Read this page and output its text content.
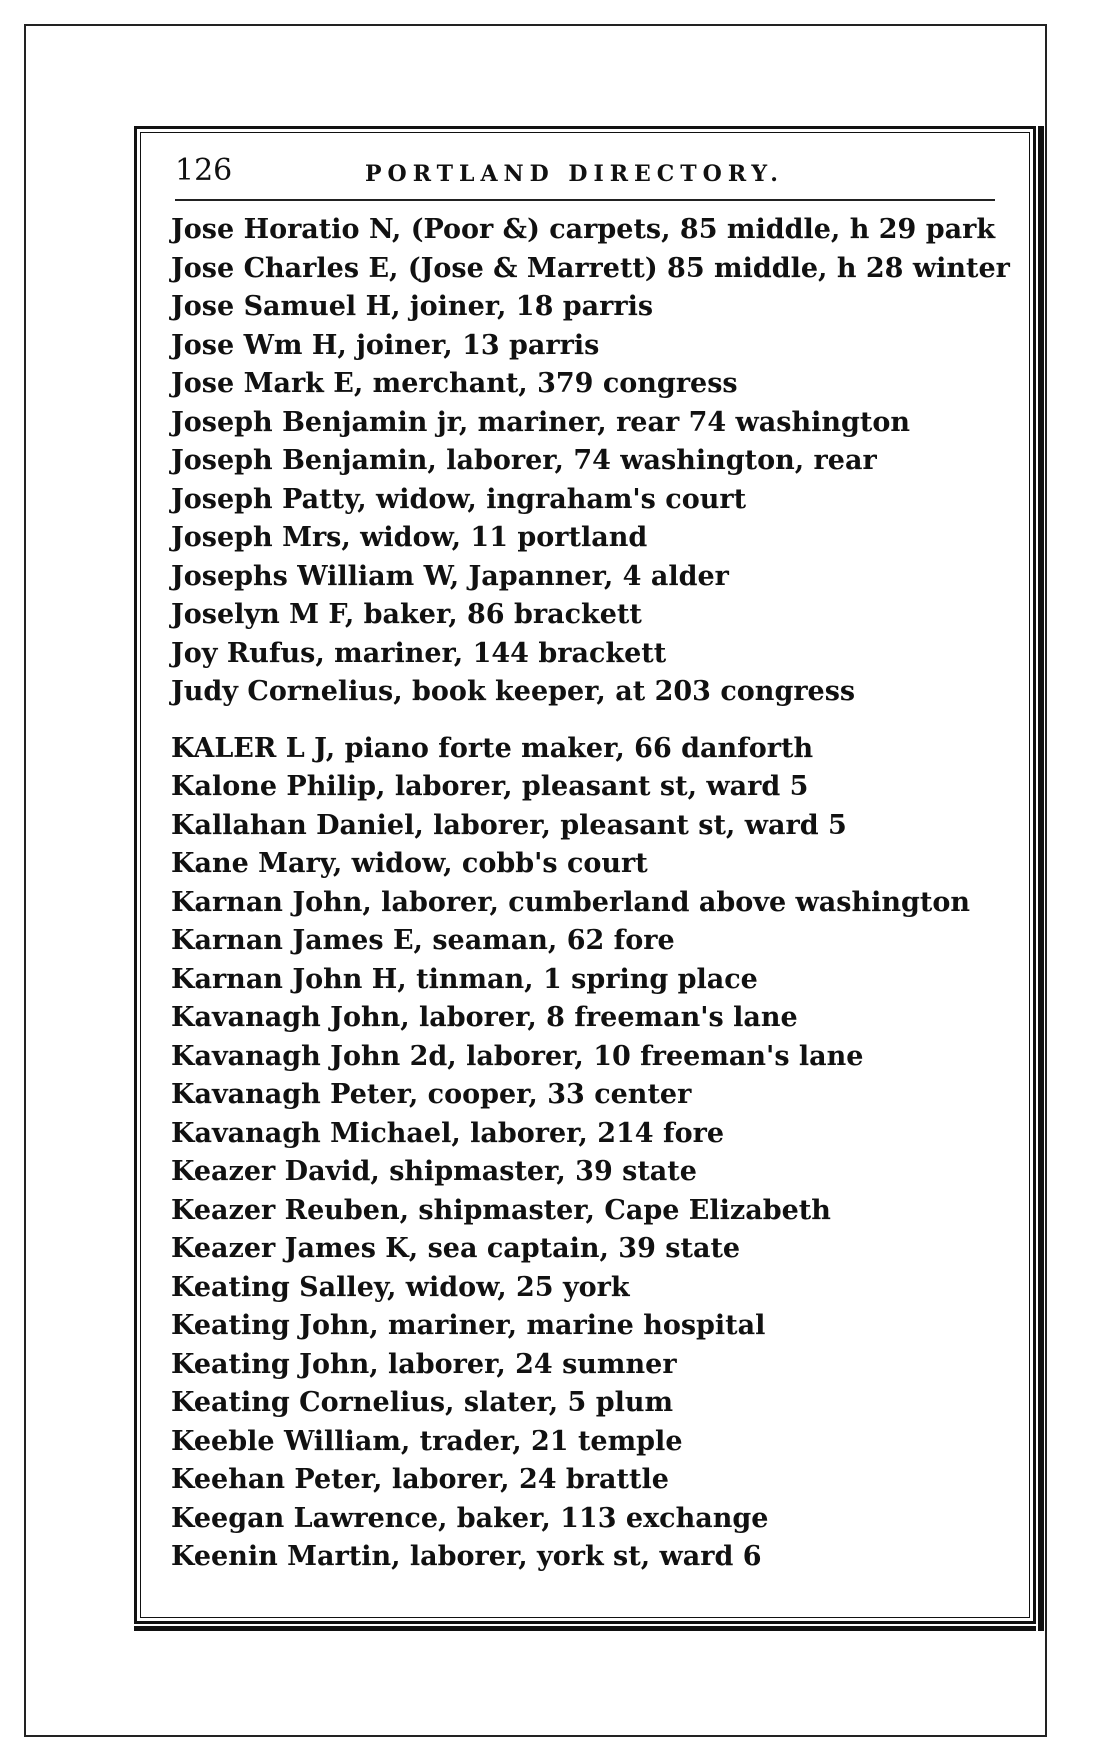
126	PORTLAND DIRECTORY.
Jose Horatio N, (Poor &) carpets, 85 middle, h 29 park
Jose Charles E, (Jose & Marrett) 85 middle, h 28 winter
Jose Samuel H, joiner, 18 parris
Jose Wm H, joiner, 13 parris
Jose Mark E, merchant, 379 congress
Joseph Benjamin jr, mariner, rear 74 washington
Joseph Benjamin, laborer, 74 washington, rear
Joseph Patty, widow, ingraham's court
Joseph Mrs, widow, 11 portland
Josephs William W, Japanner, 4 alder
Joselyn M F, baker, 86 brackett
Joy Rufus, mariner, 144 brackett
Judy Cornelius, book keeper, at 203 congress
KALER L J, piano forte maker, 66 danforth
Kalone Philip, laborer, pleasant st, ward 5
Kallahan Daniel, laborer, pleasant st, ward 5
Kane Mary, widow, cobb's court
Karnan John, laborer, cumberland above washington
Karnan James E, seaman, 62 fore
Karnan John H, tinman, 1 spring place
Kavanagh John, laborer, 8 freeman's lane
Kavanagh John 2d, laborer, 10 freeman's lane
Kavanagh Peter, cooper, 33 center
Kavanagh Michael, laborer, 214 fore
Keazer David, shipmaster, 39 state
Keazer Reuben, shipmaster, Cape Elizabeth
Keazer James K, sea captain, 39 state
Keating Salley, widow, 25 york
Keating John, mariner, marine hospital
Keating John, laborer, 24 sumner
Keating Cornelius, slater, 5 plum
Keeble William, trader, 21 temple
Keehan Peter, laborer, 24 brattle
Keegan Lawrence, baker, 113 exchange
Keenin Martin, laborer, york st, ward 6
